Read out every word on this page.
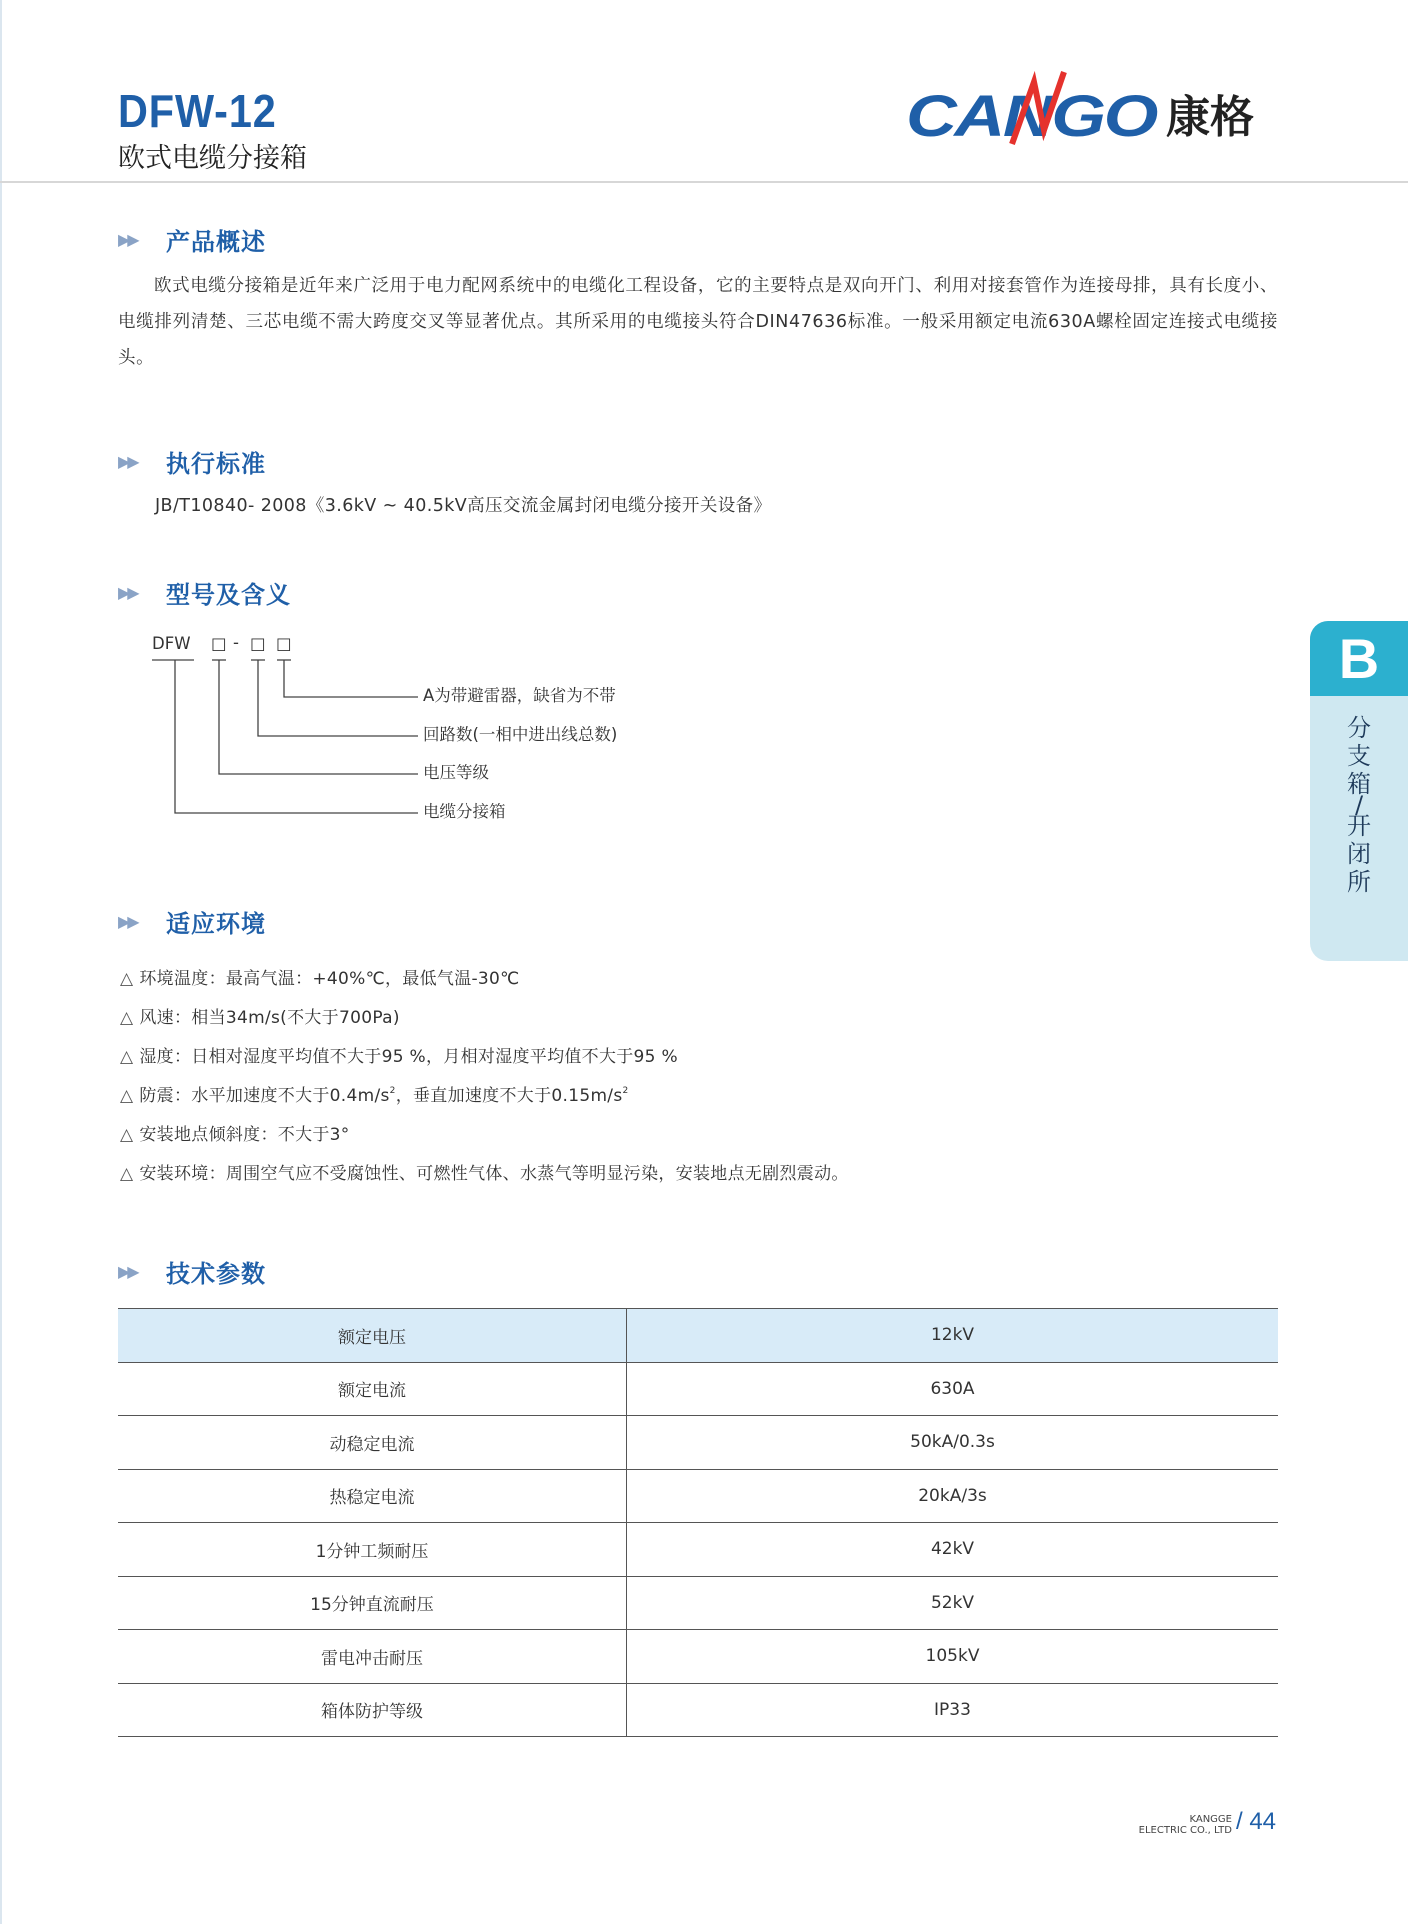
DFW-12
欧式电缆分接箱
CANGO 康格
▶▶	产品概述
欧式电缆分接箱是近年来广泛用于电力配网系统中的电缆化工程设备，它的主要特点是双向开门、利用对接套管作为连接母排，具有长度小、电缆排列清楚、三芯电缆不需大跨度交叉等显著优点。其所采用的电缆接头符合DIN47636标准。一般采用额定电流630A螺栓固定连接式电缆接头。
▶▶	执行标准
JB/T10840- 2008《3.6kV ~ 40.5kV高压交流金属封闭电缆分接开关设备》
▶▶	型号及含义
DFW □ - □ □
A为带避雷器，缺省为不带
回路数(一相中进出线总数)
电压等级
电缆分接箱
▶▶	适应环境
△ 环境温度：最高气温：+40%℃，最低气温-30℃
△ 风速：相当34m/s(不大于700Pa)
△ 湿度：日相对湿度平均值不大于95 %，月相对湿度平均值不大于95 %
△ 防震：水平加速度不大于$0.4m/s^2$，垂直加速度不大于$0.15m/s^2$
△ 安装地点倾斜度：不大于3°
△ 安装环境：周围空气应不受腐蚀性、可燃性气体、水蒸气等明显污染，安装地点无剧烈震动。
▶▶	技术参数
额定电压	12kV
额定电流	630A
动稳定电流	50kA/0.3s
热稳定电流	20kA/3s
1分钟工频耐压	42kV
15分钟直流耐压	52kV
雷电冲击耐压	105kV
箱体防护等级	IP33
B
分
支
箱
/
开
闭
所
KANGGE
ELECTRIC CO., LTD / 44
